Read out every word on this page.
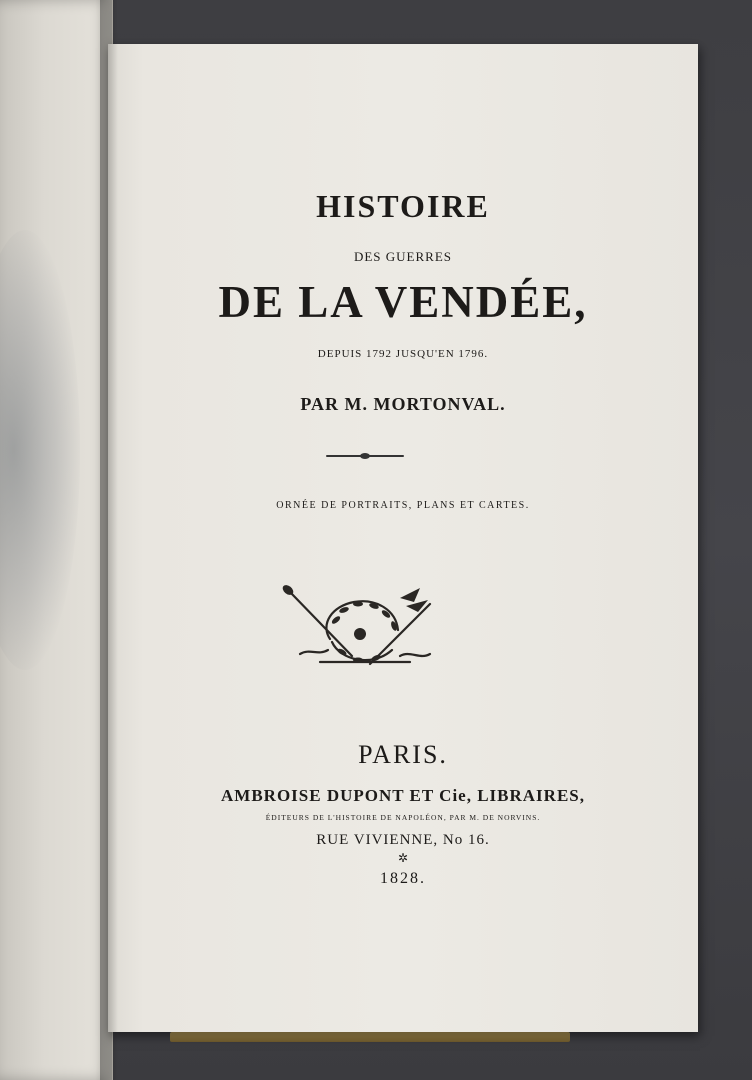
HISTOIRE
DES GUERRES
DE LA VENDÉE,
DEPUIS 1792 JUSQU'EN 1796.
PAR M. MORTONVAL.
ORNÉE DE PORTRAITS, PLANS ET CARTES.
PARIS.
AMBROISE DUPONT ET Cie, LIBRAIRES,
ÉDITEURS DE L'HISTOIRE DE NAPOLÉON, PAR M. DE NORVINS.
RUE VIVIENNE, No 16.
✲
1828.
